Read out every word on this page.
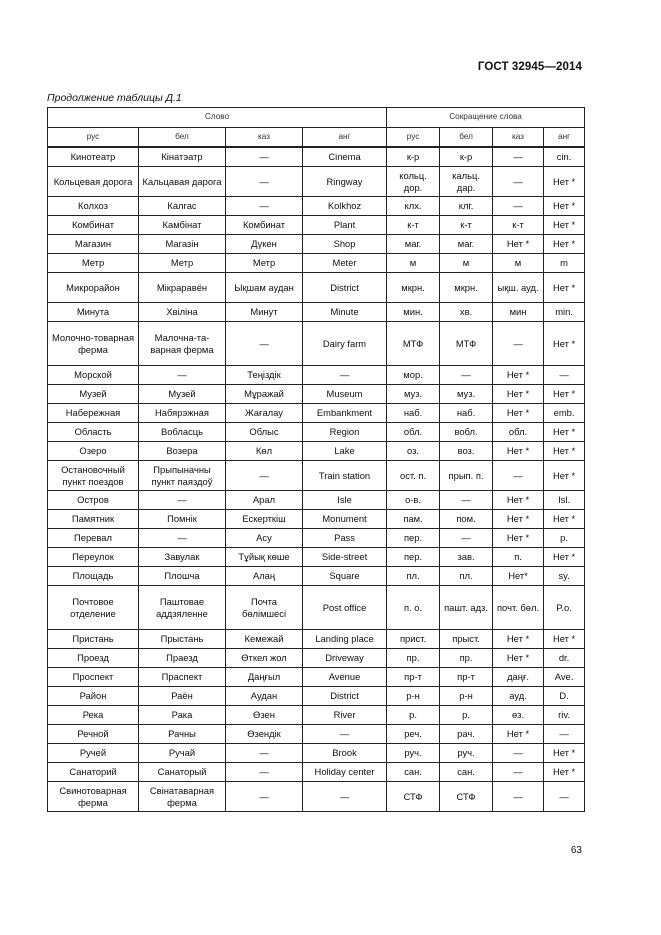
ГОСТ 32945—2014
Продолжение таблицы Д.1
Слово				Сокращение слова			
рус	бел	каз	анг	рус	бел	каз	анг
Кинотеатр	Кінатэатр	—	Cinema	к-р	к-р	—	cin.
Кольцевая дорога	Кальцавая дарога	—	Ringway	кольц. дор.	кальц. дар.	—	Нет *
Колхоз	Калгас	—	Kolkhoz	клх.	клг.	—	Нет *
Комбинат	Камбінат	Комбинат	Plant	к-т	к-т	к-т	Нет *
Магазин	Магазін	Дүкен	Shop	маг.	маг.	Нет *	Нет *
Метр	Метр	Метр	Meter	м	м	м	m
Микрорайон	Мікраравён	Ықшам аудан	District	мкрн.	мкрн.	ықш. ауд.	Нет *
Минута	Хвіліна	Минут	Minute	мин.	хв.	мин	min.
Молочно-товарная ферма	Малочна-та-варная ферма	—	Dairy farm	МТФ	МТФ	—	Нет *
Морской	—	Теңіздік	—	мор.	—	Нет *	—
Музей	Музей	Мұражай	Museum	муз.	муз.	Нет *	Нет *
Набережная	Набярэжная	Жағалау	Embankment	наб.	наб.	Нет *	emb.
Область	Вобласць	Облыс	Region	обл.	вобл.	обл.	Нет *
Озеро	Возера	Көл	Lake	оз.	воз.	Нет *	Нет *
Остановочный пункт поездов	Прыпыначны пункт паяздоў	—	Train station	ост. п.	прып. п.	—	Нет *
Остров	—	Арал	Isle	о-в.	—	Нет *	Isl.
Памятник	Помнік	Ескерткіш	Monument	пам.	пом.	Нет *	Нет *
Перевал	—	Асу	Pass	пер.	—	Нет *	p.
Переулок	Завулак	Тұйық көше	Side-street	пер.	зав.	п.	Нет *
Площадь	Плошча	Алаң	Square	пл.	пл.	Нет*	sy.
Почтовое отделение	Паштовае аддзяленне	Почта бөлімшесі	Post office	п. о.	пашт. адз.	почт. бөл.	P.o.
Пристань	Прыстань	Кемежай	Landing place	прист.	прыст.	Нет *	Нет *
Проезд	Праезд	Өткел жол	Driveway	пр.	пр.	Нет *	dr.
Проспект	Праспект	Даңғыл	Avenue	пр-т	пр-т	даңғ.	Ave.
Район	Раён	Аудан	District	р-н	р-н	ауд.	D.
Река	Рака	Өзен	River	р.	р.	өз.	riv.
Речной	Рачны	Өзендік	—	реч.	рач.	Нет *	—
Ручей	Ручай	—	Brook	руч.	руч.	—	Нет *
Санаторий	Санаторый	—	Holiday center	сан.	сан.	—	Нет *
Свинотоварная ферма	Свінатаварная ферма	—	—	СТФ	СТФ	—	—
63
